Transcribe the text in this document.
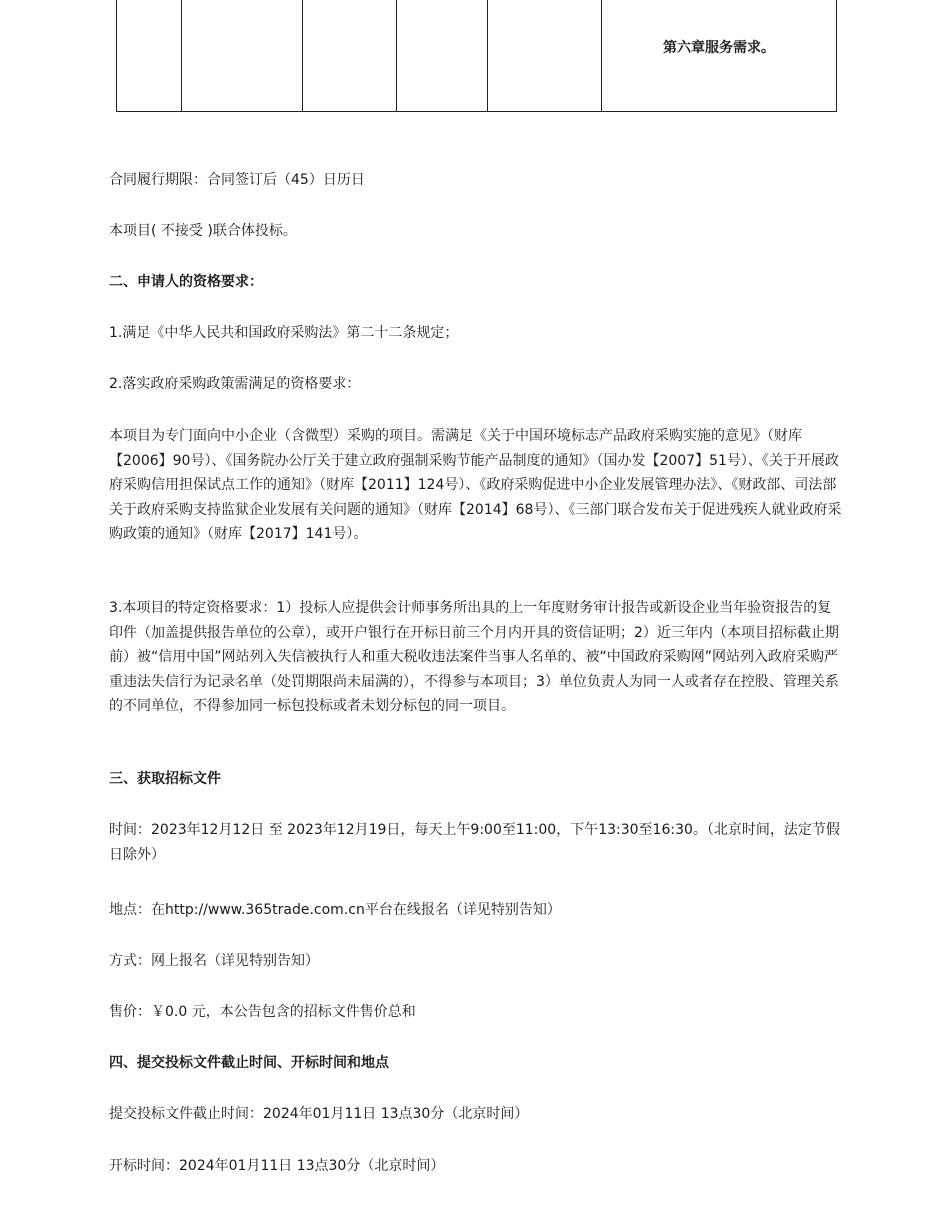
第六章服务需求。

合同履行期限：合同签订后（45）日历日

本项目( 不接受 )联合体投标。

二、申请人的资格要求：

1.满足《中华人民共和国政府采购法》第二十二条规定；

2.落实政府采购政策需满足的资格要求：

本项目为专门面向中小企业（含微型）采购的项目。需满足《关于中国环境标志产品政府采购实施的意见》（财库【2006】90号）、《国务院办公厅关于建立政府强制采购节能产品制度的通知》（国办发【2007】51号）、《关于开展政府采购信用担保试点工作的通知》（财库【2011】124号）、《政府采购促进中小企业发展管理办法》、《财政部、司法部关于政府采购支持监狱企业发展有关问题的通知》（财库【2014】68号）、《三部门联合发布关于促进残疾人就业政府采购政策的通知》（财库【2017】141号）。

3.本项目的特定资格要求：1）投标人应提供会计师事务所出具的上一年度财务审计报告或新设企业当年验资报告的复印件（加盖提供报告单位的公章），或开户银行在开标日前三个月内开具的资信证明；2）近三年内（本项目招标截止期前）被“信用中国”网站列入失信被执行人和重大税收违法案件当事人名单的、被“中国政府采购网”网站列入政府采购严重违法失信行为记录名单（处罚期限尚未届满的），不得参与本项目；3）单位负责人为同一人或者存在控股、管理关系的不同单位，不得参加同一标包投标或者未划分标包的同一项目。

三、获取招标文件

时间：2023年12月12日 至 2023年12月19日，每天上午9:00至11:00，下午13:30至16:30。（北京时间，法定节假日除外）

地点：在http://www.365trade.com.cn平台在线报名（详见特别告知）

方式：网上报名（详见特别告知）

售价：￥0.0 元，本公告包含的招标文件售价总和

四、提交投标文件截止时间、开标时间和地点

提交投标文件截止时间：2024年01月11日 13点30分（北京时间）

开标时间：2024年01月11日 13点30分（北京时间）
